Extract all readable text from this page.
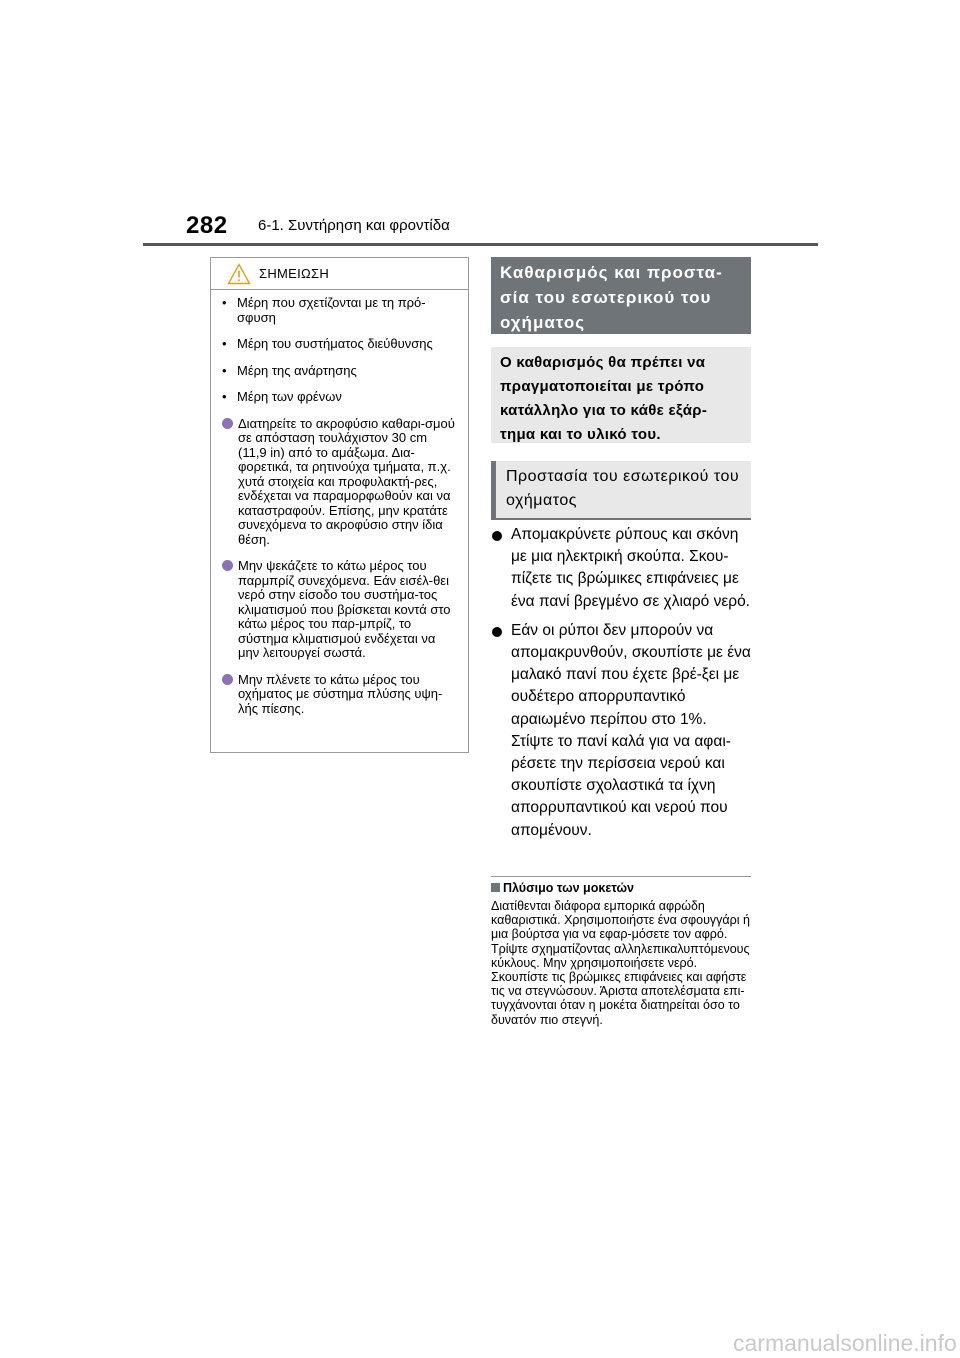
282 6-1. Συντήρηση και φροντίδα
ΣΗΜΕΙΩΣΗ
• Μέρη που σχετίζονται με τη πρό-σφυση
• Μέρη του συστήματος διεύθυνσης
• Μέρη της ανάρτησης
• Μέρη των φρένων
Διατηρείτε το ακροφύσιο καθαρι-σμού σε απόσταση τουλάχιστον 30 cm (11,9 in) από το αμάξωμα. Δια-φορετικά, τα ρητινούχα τμήματα, π.χ. χυτά στοιχεία και προφυλακτή-ρες, ενδέχεται να παραμορφωθούν και να καταστραφούν. Επίσης, μην κρατάτε συνεχόμενα το ακροφύσιο στην ίδια θέση.
Μην ψεκάζετε το κάτω μέρος του παρμπρίζ συνεχόμενα. Εάν εισέλ-θει νερό στην είσοδο του συστήμα-τος κλιματισμού που βρίσκεται κοντά στο κάτω μέρος του παρ-μπρίζ, το σύστημα κλιματισμού ενδέχεται να μην λειτουργεί σωστά.
Μην πλένετε το κάτω μέρος του οχήματος με σύστημα πλύσης υψη-λής πίεσης.
Καθαρισμός και προστα-σία του εσωτερικού του οχήματος
Ο καθαρισμός θα πρέπει να πραγματοποιείται με τρόπο κατάλληλο για το κάθε εξάρ-τημα και το υλικό του.
Προστασία του εσωτερικού του οχήματος
Απομακρύνετε ρύπους και σκόνη με μια ηλεκτρική σκούπα. Σκου-πίζετε τις βρώμικες επιφάνειες με ένα πανί βρεγμένο σε χλιαρό νερό.
Εάν οι ρύποι δεν μπορούν να απομακρυνθούν, σκουπίστε με ένα μαλακό πανί που έχετε βρέ-ξει με ουδέτερο απορρυπαντικό αραιωμένο περίπου στο 1%. Στίψτε το πανί καλά για να αφαι-ρέσετε την περίσσεια νερού και σκουπίστε σχολαστικά τα ίχνη απορρυπαντικού και νερού που απομένουν.
Πλύσιμο των μοκετών
Διατίθενται διάφορα εμπορικά αφρώδη καθαριστικά. Χρησιμοποιήστε ένα σφουγγάρι ή μια βούρτσα για να εφαρ-μόσετε τον αφρό. Τρίψτε σχηματίζοντας αλληλεπικαλυπτόμενους κύκλους. Μην χρησιμοποιήσετε νερό. Σκουπίστε τις βρώμικες επιφάνειες και αφήστε τις να στεγνώσουν. Άριστα αποτελέσματα επι-τυγχάνονται όταν η μοκέτα διατηρείται όσο το δυνατόν πιο στεγνή.
carmanualsonline.info
